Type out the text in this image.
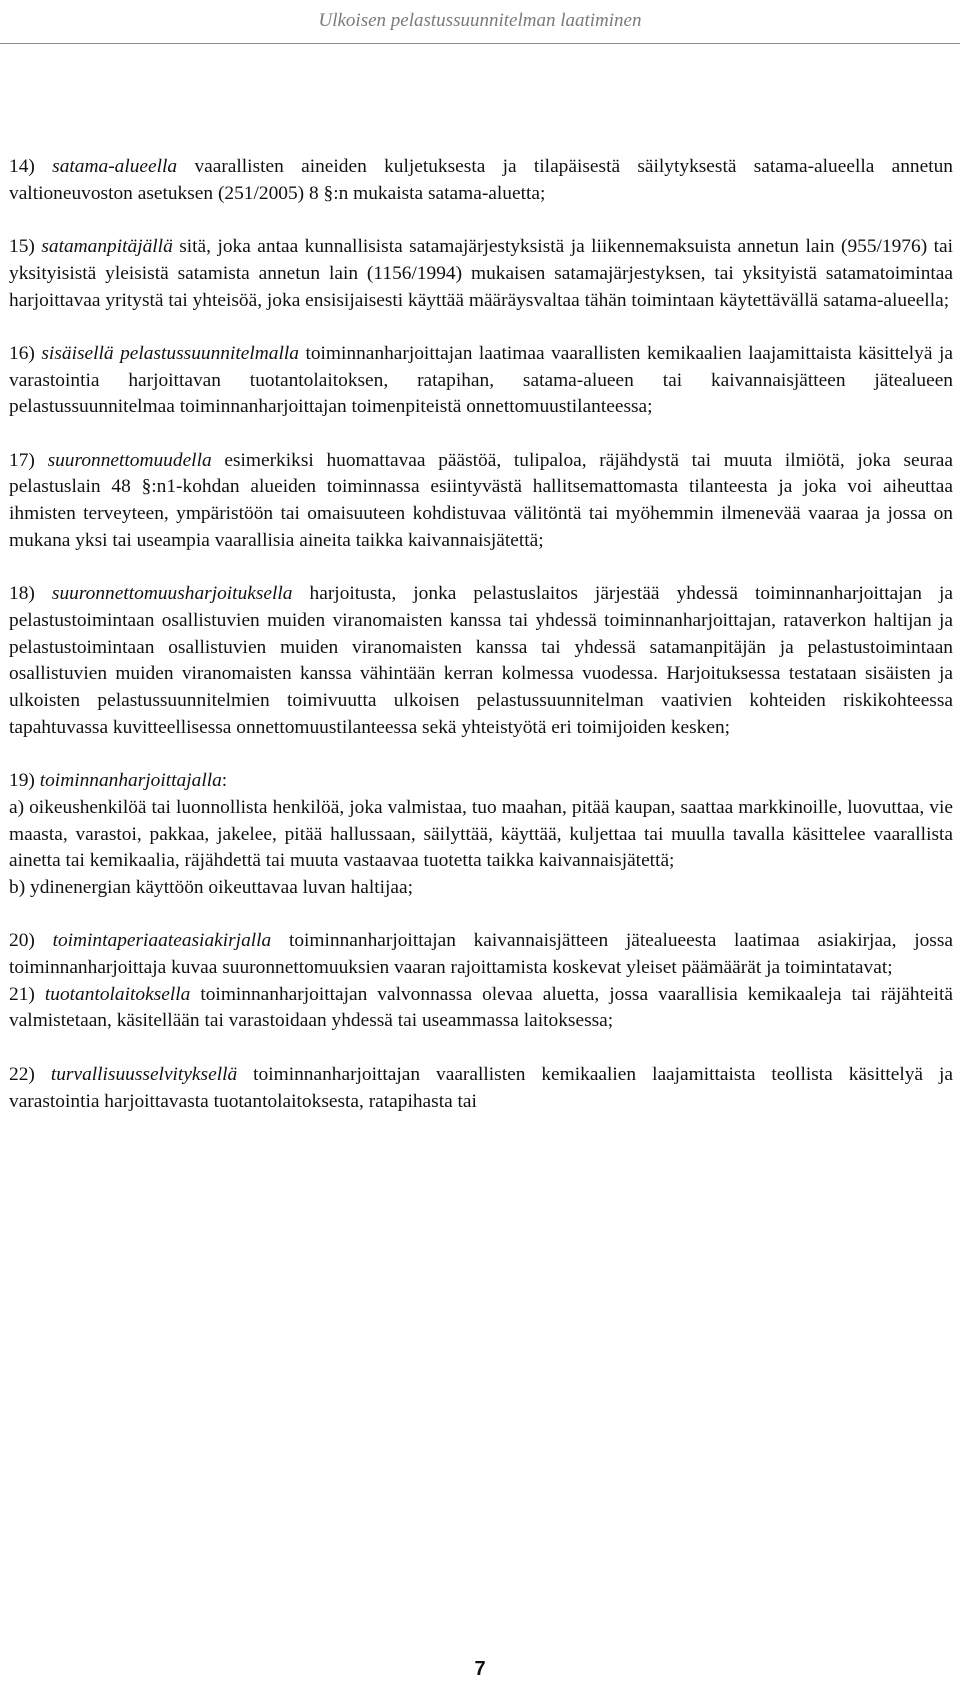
Ulkoisen pelastussuunnitelman laatiminen

14) satama-alueella vaarallisten aineiden kuljetuksesta ja tilapäisestä säilytyksestä satama-alueella annetun valtioneuvoston asetuksen (251/2005) 8 §:n mukaista satama-aluetta;

15) satamanpitäjällä sitä, joka antaa kunnallisista satamajärjestyksistä ja liikennemaksuista annetun lain (955/1976) tai yksityisistä yleisistä satamista annetun lain (1156/1994) mukaisen satamajärjestyksen, tai yksityistä satamatoimintaa harjoittavaa yritystä tai yhteisöä, joka ensisijaisesti käyttää määräysvaltaa tähän toimintaan käytettävällä satama-alueella;

16) sisäisellä pelastussuunnitelmalla toiminnanharjoittajan laatimaa vaarallisten kemikaalien laajamittaista käsittelyä ja varastointia harjoittavan tuotantolaitoksen, ratapihan, satama-alueen tai kaivannaisjätteen jätealueen pelastussuunnitelmaa toiminnanharjoittajan toimenpiteistä onnettomuustilanteessa;

17) suuronnettomuudella esimerkiksi huomattavaa päästöä, tulipaloa, räjähdystä tai muuta ilmiötä, joka seuraa pelastuslain 48 §:n1-kohdan alueiden toiminnassa esiintyvästä hallitsemattomasta tilanteesta ja joka voi aiheuttaa ihmisten terveyteen, ympäristöön tai omaisuuteen kohdistuvaa välitöntä tai myöhemmin ilmenevää vaaraa ja jossa on mukana yksi tai useampia vaarallisia aineita taikka kaivannaisjätettä;

18) suuronnettomuusharjoituksella harjoitusta, jonka pelastuslaitos järjestää yhdessä toiminnanharjoittajan ja pelastustoimintaan osallistuvien muiden viranomaisten kanssa tai yhdessä toiminnanharjoittajan, rataverkon haltijan ja pelastustoimintaan osallistuvien muiden viranomaisten kanssa tai yhdessä satamanpitäjän ja pelastustoimintaan osallistuvien muiden viranomaisten kanssa vähintään kerran kolmessa vuodessa. Harjoituksessa testataan sisäisten ja ulkoisten pelastussuunnitelmien toimivuutta ulkoisen pelastussuunnitelman vaativien kohteiden riskikohteessa tapahtuvassa kuvitteellisessa onnettomuustilanteessa sekä yhteistyötä eri toimijoiden kesken;

19) toiminnanharjoittajalla:

a) oikeushenkilöä tai luonnollista henkilöä, joka valmistaa, tuo maahan, pitää kaupan, saattaa markkinoille, luovuttaa, vie maasta, varastoi, pakkaa, jakelee, pitää hallussaan, säilyttää, käyttää, kuljettaa tai muulla tavalla käsittelee vaarallista ainetta tai kemikaalia, räjähdettä tai muuta vastaavaa tuotetta taikka kaivannaisjätettä;

b) ydinenergian käyttöön oikeuttavaa luvan haltijaa;

20) toimintaperiaateasiakirjalla toiminnanharjoittajan kaivannaisjätteen jätealueesta laatimaa asiakirjaa, jossa toiminnanharjoittaja kuvaa suuronnettomuuksien vaaran rajoittamista koskevat yleiset päämäärät ja toimintatavat;

21) tuotantolaitoksella toiminnanharjoittajan valvonnassa olevaa aluetta, jossa vaarallisia kemikaaleja tai räjähteitä valmistetaan, käsitellään tai varastoidaan yhdessä tai useammassa laitoksessa;

22) turvallisuusselvityksellä toiminnanharjoittajan vaarallisten kemikaalien laajamittaista teollista käsittelyä ja varastointia harjoittavasta tuotantolaitoksesta, ratapihasta tai

7
